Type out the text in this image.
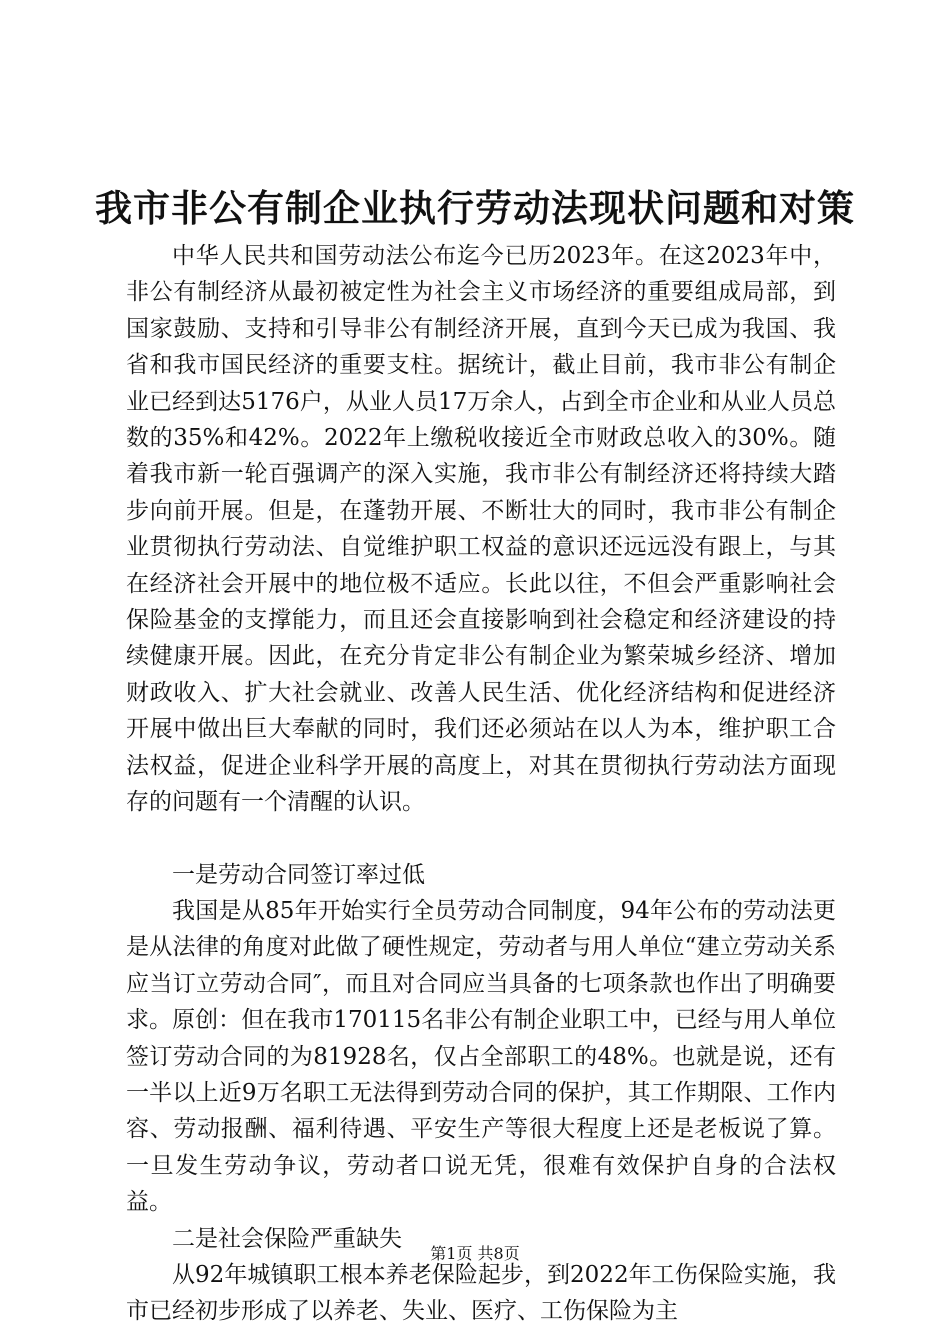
我市非公有制企业执行劳动法现状问题和对策

中华人民共和国劳动法公布迄今已历2023年。在这2023年中，非公有制经济从最初被定性为社会主义市场经济的重要组成局部，到国家鼓励、支持和引导非公有制经济开展，直到今天已成为我国、我省和我市国民经济的重要支柱。据统计，截止目前，我市非公有制企业已经到达5176户，从业人员17万余人，占到全市企业和从业人员总数的35%和42%。2022年上缴税收接近全市财政总收入的30%。随着我市新一轮百强调产的深入实施，我市非公有制经济还将持续大踏步向前开展。但是，在蓬勃开展、不断壮大的同时，我市非公有制企业贯彻执行劳动法、自觉维护职工权益的意识还远远没有跟上，与其在经济社会开展中的地位极不适应。长此以往，不但会严重影响社会保险基金的支撑能力，而且还会直接影响到社会稳定和经济建设的持续健康开展。因此，在充分肯定非公有制企业为繁荣城乡经济、增加财政收入、扩大社会就业、改善人民生活、优化经济结构和促进经济开展中做出巨大奉献的同时，我们还必须站在以人为本，维护职工合法权益，促进企业科学开展的高度上，对其在贯彻执行劳动法方面现存的问题有一个清醒的认识。

一是劳动合同签订率过低

我国是从85年开始实行全员劳动合同制度，94年公布的劳动法更是从法律的角度对此做了硬性规定，劳动者与用人单位“建立劳动关系应当订立劳动合同″，而且对合同应当具备的七项条款也作出了明确要求。原创：但在我市170115名非公有制企业职工中，已经与用人单位签订劳动合同的为81928名，仅占全部职工的48%。也就是说，还有一半以上近9万名职工无法得到劳动合同的保护，其工作期限、工作内容、劳动报酬、福利待遇、平安生产等很大程度上还是老板说了算。一旦发生劳动争议，劳动者口说无凭，很难有效保护自身的合法权益。

二是社会保险严重缺失

从92年城镇职工根本养老保险起步，到2022年工伤保险实施，我市已经初步形成了以养老、失业、医疗、工伤保险为主

第1页 共8页
